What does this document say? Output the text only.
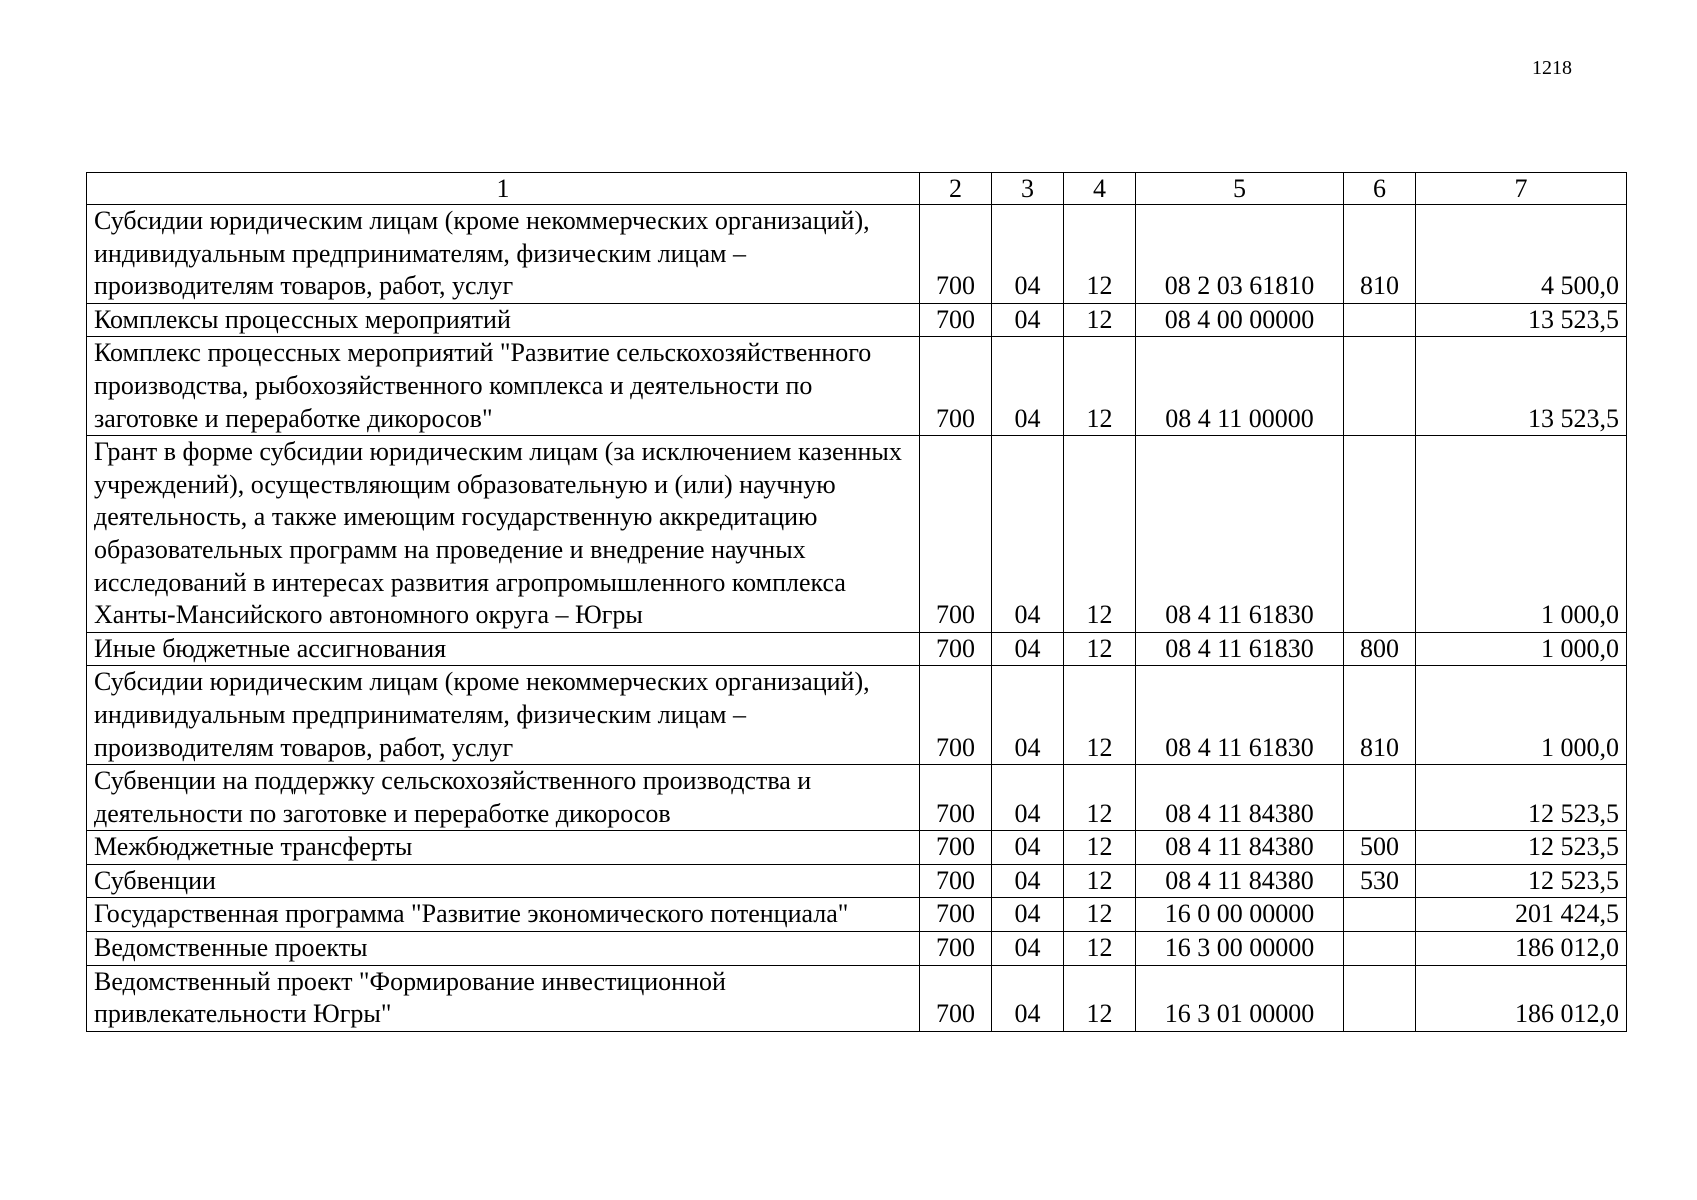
1218
1	2	3	4	5	6	7
Субсидии юридическим лицам (кроме некоммерческих организаций), индивидуальным предпринимателям, физическим лицам – производителям товаров, работ, услуг	700	04	12	08 2 03 61810	810	4 500,0
Комплексы процессных мероприятий	700	04	12	08 4 00 00000		13 523,5
Комплекс процессных мероприятий "Развитие сельскохозяйственного производства, рыбохозяйственного комплекса и деятельности по заготовке и переработке дикоросов"	700	04	12	08 4 11 00000		13 523,5
Грант в форме субсидии юридическим лицам (за исключением казенных учреждений), осуществляющим образовательную и (или) научную деятельность, а также имеющим государственную аккредитацию образовательных программ на проведение и внедрение научных исследований в интересах развития агропромышленного комплекса Ханты-Мансийского автономного округа – Югры	700	04	12	08 4 11 61830		1 000,0
Иные бюджетные ассигнования	700	04	12	08 4 11 61830	800	1 000,0
Субсидии юридическим лицам (кроме некоммерческих организаций), индивидуальным предпринимателям, физическим лицам – производителям товаров, работ, услуг	700	04	12	08 4 11 61830	810	1 000,0
Субвенции на поддержку сельскохозяйственного производства и деятельности по заготовке и переработке дикоросов	700	04	12	08 4 11 84380		12 523,5
Межбюджетные трансферты	700	04	12	08 4 11 84380	500	12 523,5
Субвенции	700	04	12	08 4 11 84380	530	12 523,5
Государственная программа "Развитие экономического потенциала"	700	04	12	16 0 00 00000		201 424,5
Ведомственные проекты	700	04	12	16 3 00 00000		186 012,0
Ведомственный проект "Формирование инвестиционной привлекательности Югры"	700	04	12	16 3 01 00000		186 012,0
